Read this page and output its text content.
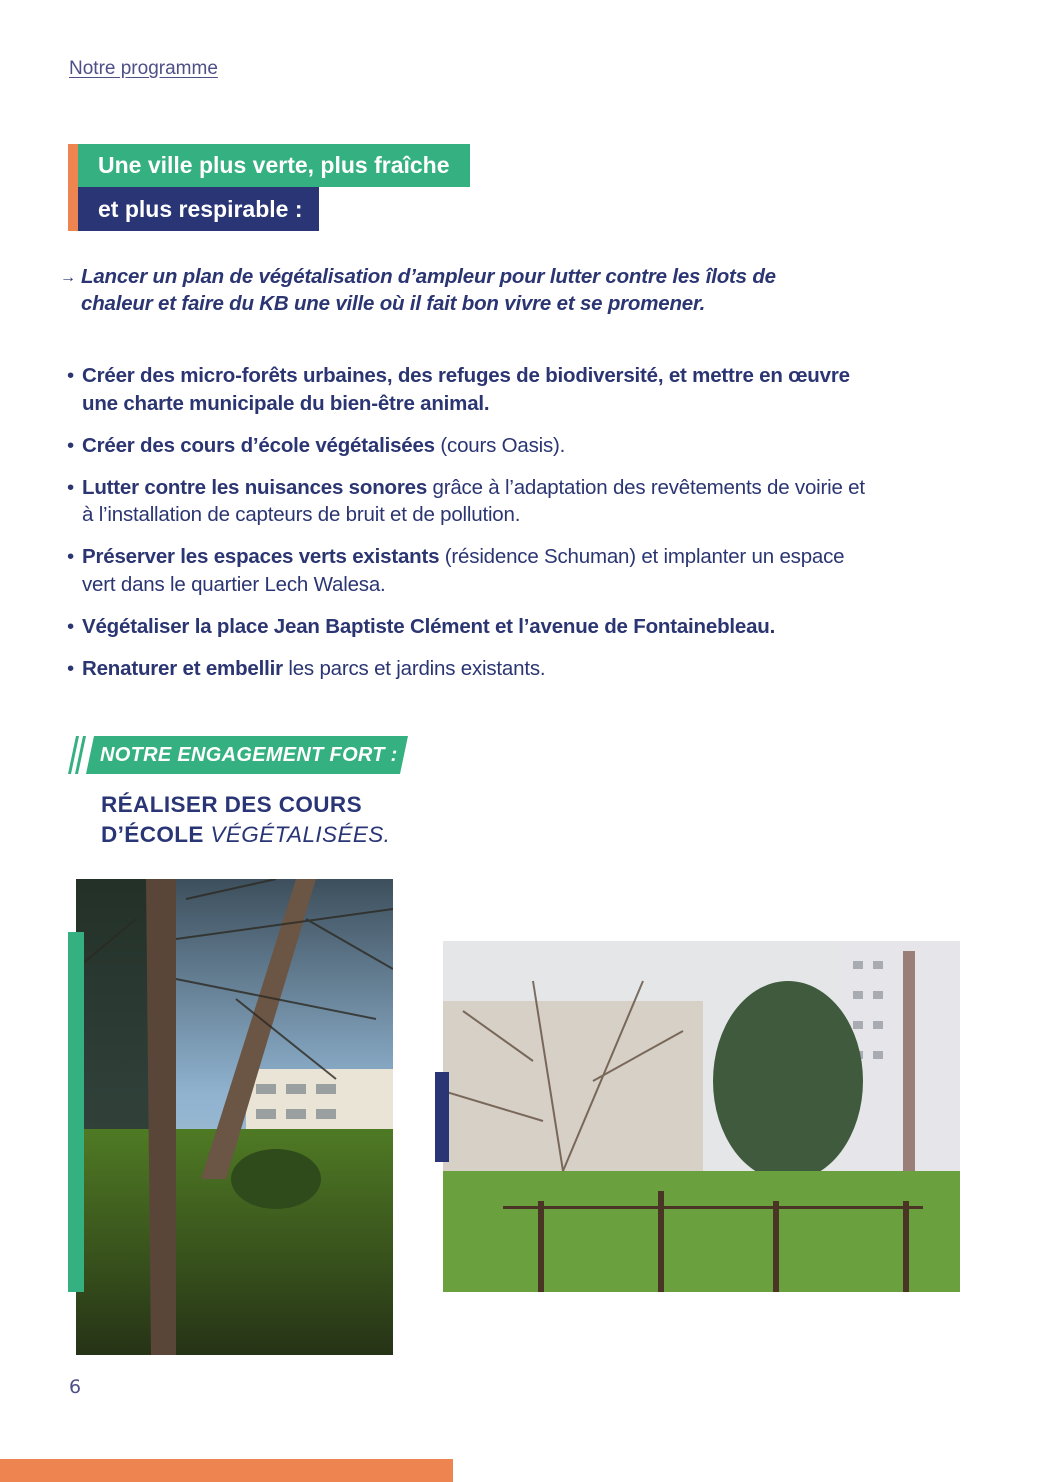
Notre programme
Une ville plus verte, plus fraîche
et plus respirable :
→ Lancer un plan de végétalisation d’ampleur pour lutter contre les îlots de chaleur et faire du KB une ville où il fait bon vivre et se promener.
• Créer des micro-forêts urbaines, des refuges de biodiversité, et mettre en œuvre une charte municipale du bien-être animal.
• Créer des cours d’école végétalisées (cours Oasis).
• Lutter contre les nuisances sonores grâce à l’adaptation des revêtements de voirie et à l’installation de capteurs de bruit et de pollution.
• Préserver les espaces verts existants (résidence Schuman) et implanter un espace vert dans le quartier Lech Walesa.
• Végétaliser la place Jean Baptiste Clément et l’avenue de Fontainebleau.
• Renaturer et embellir les parcs et jardins existants.
NOTRE ENGAGEMENT FORT :
RÉALISER DES COURS
D’ÉCOLE VÉGÉTALISÉES.
6
